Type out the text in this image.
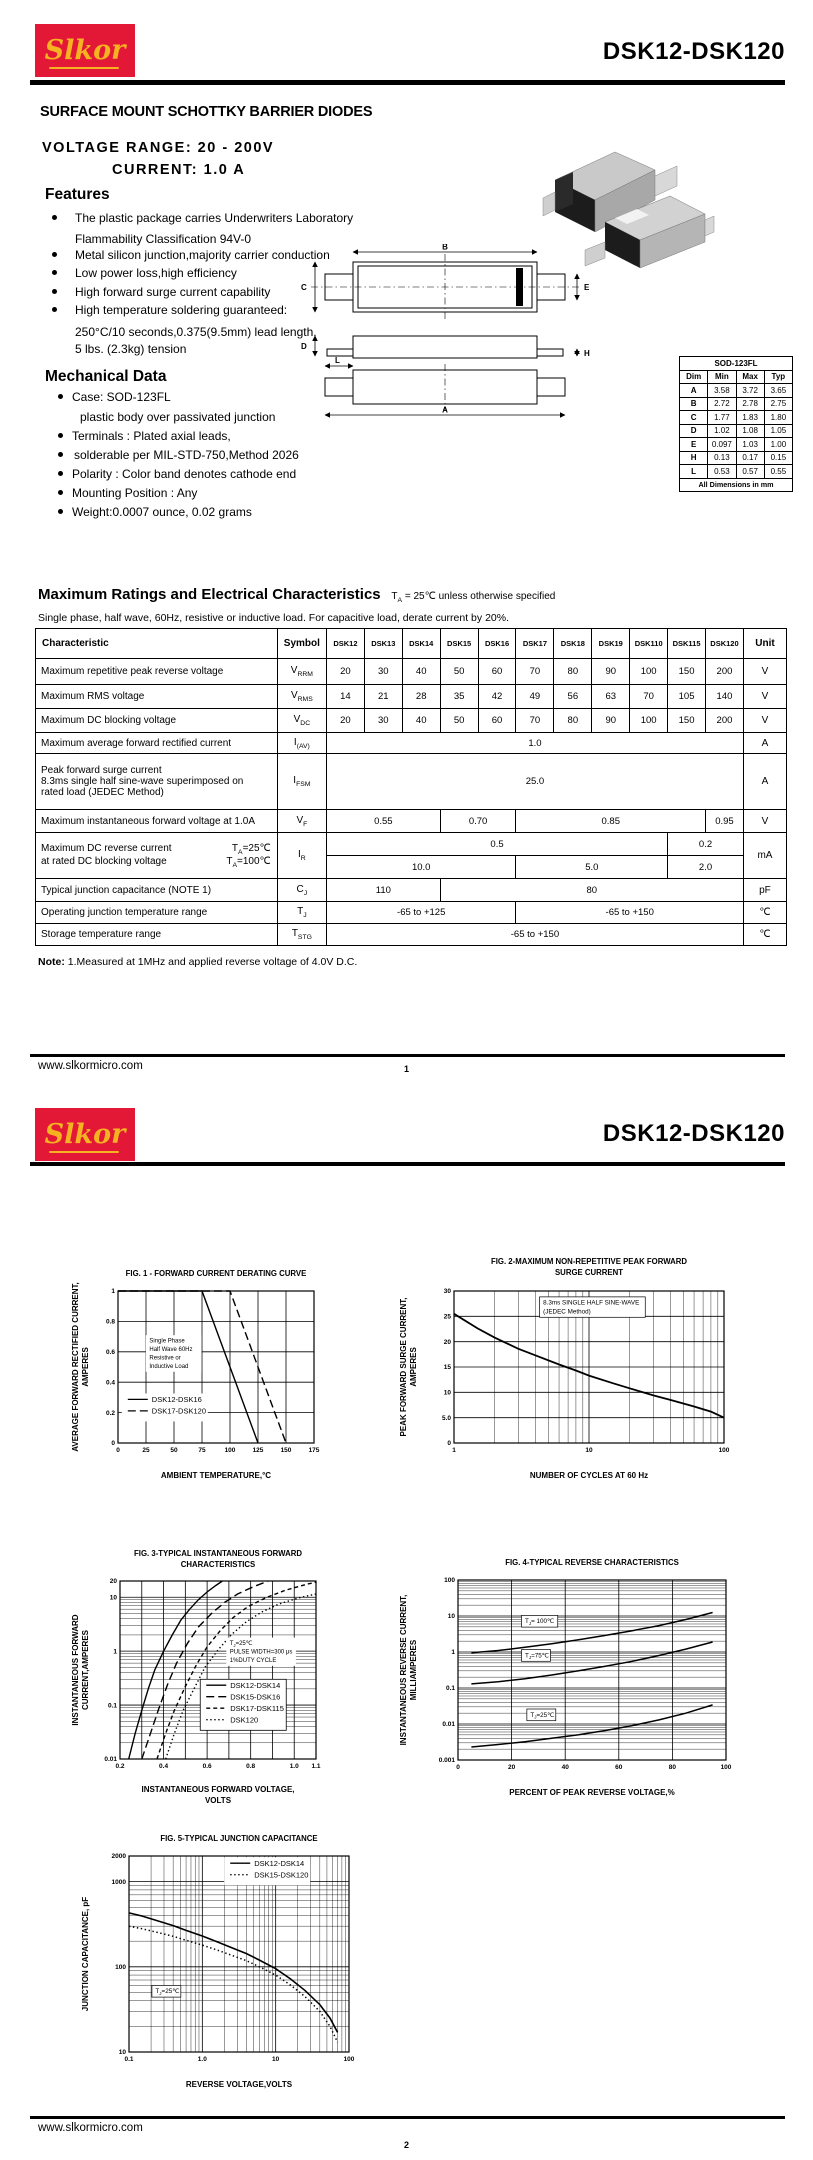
Slkor	DSK12-DSK120
SURFACE MOUNT SCHOTTKY BARRIER DIODES
VOLTAGE RANGE: 20 - 200V
CURRENT: 1.0 A
Features
The plastic package carries Underwriters Laboratory
Flammability Classification 94V-0
Metal silicon junction,majority carrier conduction
Low power loss,high efficiency
High forward surge current capability
High temperature soldering guaranteed:
250°C/10 seconds,0.375(9.5mm) lead length,
5 lbs. (2.3kg) tension
Mechanical Data
Case: SOD-123FL
plastic body over passivated junction
Terminals : Plated axial leads,
solderable per MIL-STD-750,Method 2026
Polarity : Color band denotes cathode end
Mounting Position : Any
Weight:0.0007 ounce, 0.02 grams
B
C	E
D
H
L
A
SOD-123FL			
Dim	Min	Max	Typ
A	3.58	3.72	3.65
B	2.72	2.78	2.75
C	1.77	1.83	1.80
D	1.02	1.08	1.05
E	0.097	1.03	1.00
H	0.13	0.17	0.15
L	0.53	0.57	0.55
All Dimensions in mm			
Maximum Ratings and Electrical Characteristics $T_A$ = 25℃ unless otherwise specified
Single phase, half wave, 60Hz, resistive or inductive load. For capacitive load, derate current by 20%.
Characteristic	Symbol	DSK12	DSK13	DSK14	DSK15	DSK16	DSK17	DSK18	DSK19	DSK110	DSK115	DSK120	Unit
Maximum repetitive peak reverse voltage	$V_{RRM}$	20	30	40	50	60	70	80	90	100	150	200	V
Maximum RMS voltage	$V_{RMS}$	14	21	28	35	42	49	56	63	70	105	140	V
Maximum DC blocking voltage	$V_{DC}$	20	30	40	50	60	70	80	90	100	150	200	V
Maximum average forward rectified current	$I_{(AV)}$	1.0											A

Peak forward surge current
8.3ms single half sine-wave superimposed on
rated load (JEDEC Method)	$I_{FSM}$	25.0											A
Maximum instantaneous forward voltage at 1.0A	$V_F$	0.55			0.70		0.85					0.95	V

Maximum DC reverse current $T_A=25℃$
at rated DC blocking voltage $T_A=100℃$	$I_R$	0.5									0.2		mA
		10.0					5.0				2.0		
Typical junction capacitance (NOTE 1)	$C_J$	110			80								pF
Operating junction temperature range	$T_J$	-65 to +125					-65 to +150						℃
Storage temperature range	$T_{STG}$	-65 to +150											℃
Note: 1.Measured at 1MHz and applied reverse voltage of 4.0V D.C.
www.slkormicro.com	1
Slkor	DSK12-DSK120
0	25	50	75	100	125	150	175
0
0.2
0.4
0.6
0.8
1
Single Phase
Half Wave 60Hz
Resistive or
Inductive Load
DSK12-DSK16
DSK17-DSK120
FIG. 1 - FORWARD CURRENT DERATING CURVE
AMBIENT TEMPERATURE,°C
AVERAGE FORWARD RECTIFIED CURRENT, AMPERES
1	10	100
0
5.0
10
15
20
25
30
8.3ms SINGLE HALF SINE-WAVE
(JEDEC Method)
FIG. 2-MAXIMUM NON-REPETITIVE PEAK FORWARD
SURGE CURRENT
NUMBER OF CYCLES AT 60 Hz
PEAK FORWARD SURGE CURRENT, AMPERES
0.2	0.4	0.6	0.8	1.0 1.1
0.01
0.1
1
10
20
$T_J=25℃$
PULSE WIDTH=300 μs
1%DUTY CYCLE
DSK12-DSK14
DSK15-DSK16
DSK17-DSK115
DSK120
FIG. 3-TYPICAL INSTANTANEOUS FORWARD
CHARACTERISTICS
INSTANTANEOUS FORWARD VOLTAGE,
VOLTS
INSTANTANEOUS FORWARD CURRENT,AMPERES
0	20	40	60	80	100
0.001
0.01
0.1
1
10
100
$T_J=$ 100℃
$T_J=75℃$
$T_J=25℃$
FIG. 4-TYPICAL REVERSE CHARACTERISTICS
PERCENT OF PEAK REVERSE VOLTAGE,%
INSTANTANEOUS REVERSE CURRENT, MILLIAMPERES
0.1	1.0	10	100
10
100
1000
2000
$T_J=25℃$
DSK12-DSK14
DSK15-DSK120
FIG. 5-TYPICAL JUNCTION CAPACITANCE
REVERSE VOLTAGE,VOLTS
JUNCTION CAPACITANCE, pF
www.slkormicro.com
2
